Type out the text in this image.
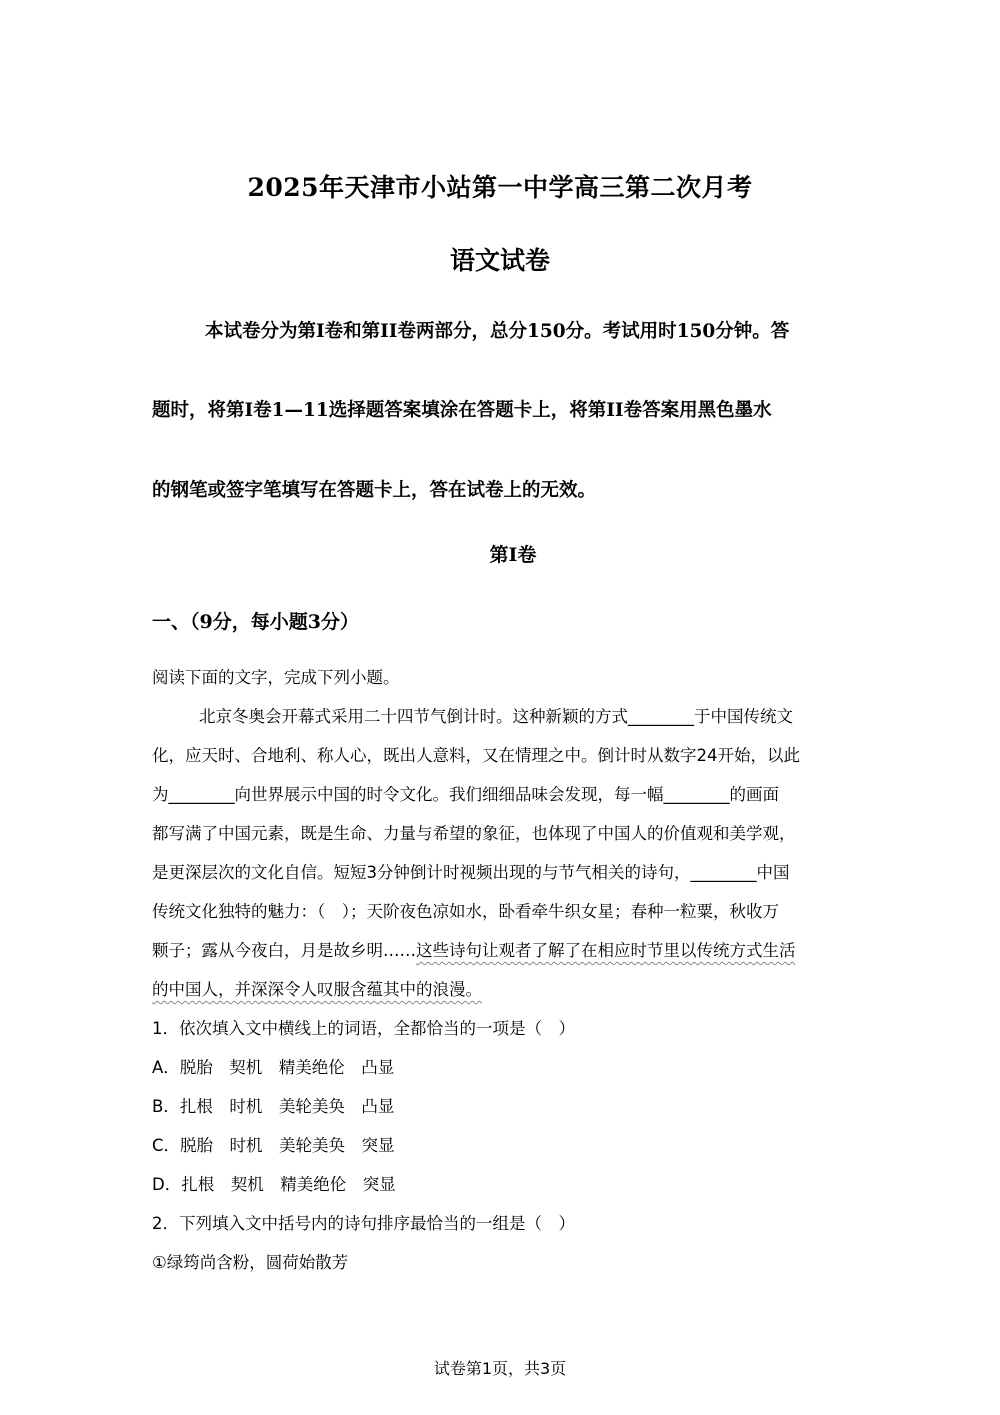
2025年天津市小站第一中学高三第二次月考
语文试卷
本试卷分为第I卷和第II卷两部分，总分150分。考试用时150分钟。答
题时，将第I卷1—11选择题答案填涂在答题卡上，将第II卷答案用黑色墨水
的钢笔或签字笔填写在答题卡上，答在试卷上的无效。
第I卷
一、（9分，每小题3分）
阅读下面的文字，完成下列小题。
北京冬奥会开幕式采用二十四节气倒计时。这种新颖的方式________于中国传统文
化，应天时、合地利、称人心，既出人意料，又在情理之中。倒计时从数字24开始，以此
为________向世界展示中国的时令文化。我们细细品味会发现，每一幅________的画面
都写满了中国元素，既是生命、力量与希望的象征，也体现了中国人的价值观和美学观，
是更深层次的文化自信。短短3分钟倒计时视频出现的与节气相关的诗句，________中国
传统文化独特的魅力：（　）；天阶夜色凉如水，卧看牵牛织女星；春种一粒粟，秋收万
颗子；露从今夜白，月是故乡明……这些诗句让观者了解了在相应时节里以传统方式生活
的中国人，并深深令人叹服含蕴其中的浪漫。
1．依次填入文中横线上的词语，全都恰当的一项是（　）
A．脱胎　契机　精美绝伦　凸显
B．扎根　时机　美轮美奂　凸显
C．脱胎　时机　美轮美奂　突显
D．扎根　契机　精美绝伦　突显
2．下列填入文中括号内的诗句排序最恰当的一组是（　）
①绿筠尚含粉，圆荷始散芳
试卷第1页，共3页
